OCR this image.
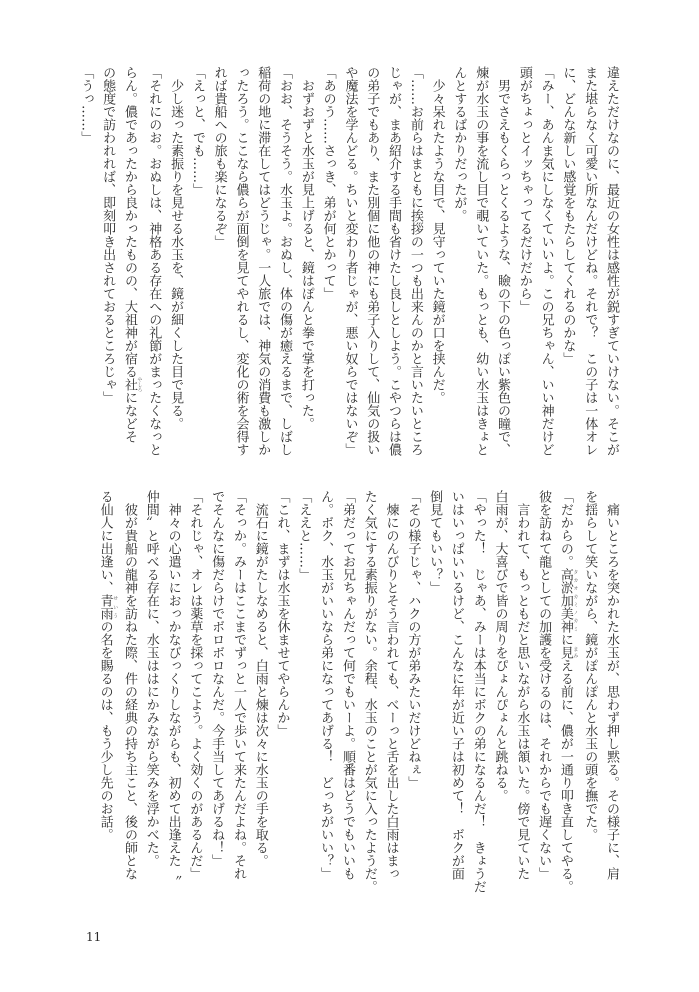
違えただけなのに、最近の女性は感性が鋭すぎていけない。そこが
また堪らなく可愛い所なんだけどね。それで？　この子は一体オレ
に、どんな新しい感覚をもたらしてくれるのかな」
「みー、あんま気にしなくていいよ。この兄ちゃん、いい神だけど
頭がちょっとイッちゃってるだけだから」
　男でさえもくらっとくるような、瞼の下の色っぽい紫色の瞳で、
煉が水玉の事を流し目で覗いていた。もっとも、幼い水玉はきょと
んとするばかりだったが。
　少々呆れたような目で、見守っていた鏡が口を挟んだ。
「……お前らはまともに挨拶の一つも出来んのかと言いたいところ
じゃが、まあ紹介する手間も省けたし良しとしよう。こやつらは儂
の弟子でもあり、また別個に他の神にも弟子入りして、仙気の扱い
や魔法を学んどる。ちいと変わり者じゃが、悪い奴らではないぞ」
「あのう……さっき、弟が何とかって」
　おずおずと水玉が見上げると、鏡はぽんと拳で掌を打った。
「おお、そうそう。水玉よ。おぬし、体の傷が癒えるまで、しばし
稲荷の地に滞在してはどうじゃ。一人旅では、神気の消費も激しか
ったろう。ここなら儂らが面倒を見てやれるし、変化の術を会得す
れば貴船への旅も楽になるぞ」
「えっと、でも……」
　少し迷った素振りを見せる水玉を、鏡が細くした目で見る。
「それにのお。おぬしは、神格ある存在への礼節がまったくなっと
らん。儂であったから良かったものの、大祖神が宿る社 やしろになどそ
の態度で訪われれば、即刻叩き出されておるところじゃ」
「うっ……」
　痛いところを突かれた水玉が、思わず押し黙る。その様子に、肩
を揺らして笑いながら、鏡がぽんぽんと水玉の頭を撫でた。
「だからの。高淤加美神 タカオカミノカミに見 まみえる前に、儂が一通り叩き直してやる。
彼を訪ねて龍としての加護を受けるのは、それからでも遅くない」
　言われて、もっともだと思いながら水玉は頷いた。傍で見ていた
白雨が、大喜びで皆の周りをぴょんぴょんと跳ねる。
「やった！　じゃあ、みーは本当にボクの弟になるんだ！　きょうだ
いはいっぱいいるけど、こんなに年が近い子は初めて！　ボクが面
倒見てもいい？」
「その様子じゃ、ハクの方が弟みたいだけどねぇ」
　煉にのんびりとそう言われても、べーっと舌を出した白雨はまっ
たく気にする素振りがない。余程、水玉のことが気に入ったようだ。
「弟だってお兄ちゃんだって何でもいーよ。順番はどうでもいいも
ん。ボク、水玉がいいなら弟になってあげる！　どっちがいい？」
「ええと……」
「これ、まずは水玉を休ませてやらんか」
　流石に鏡がたしなめると、白雨と煉は次々に水玉の手を取る。
「そっか。みーはここまでずっと一人で歩いて来たんだよね。それ
でそんなに傷だらけでボロボロなんだ。今手当してあげるね！」
「それじゃ、オレは薬草を採ってこよう。よく効くのがあるんだ」
　神々の心遣いにおっかなびっくりしながらも、初めて出逢えた〝
仲間〟と呼べる存在に、水玉ははにかみながら笑みを浮かべた。
　彼が貴船の龍神を訪ねた際、件の経典の持ち主こと、後の師とな
る仙人に出逢い、青雨 せいうの名を賜るのは、もう少し先のお話。
11
